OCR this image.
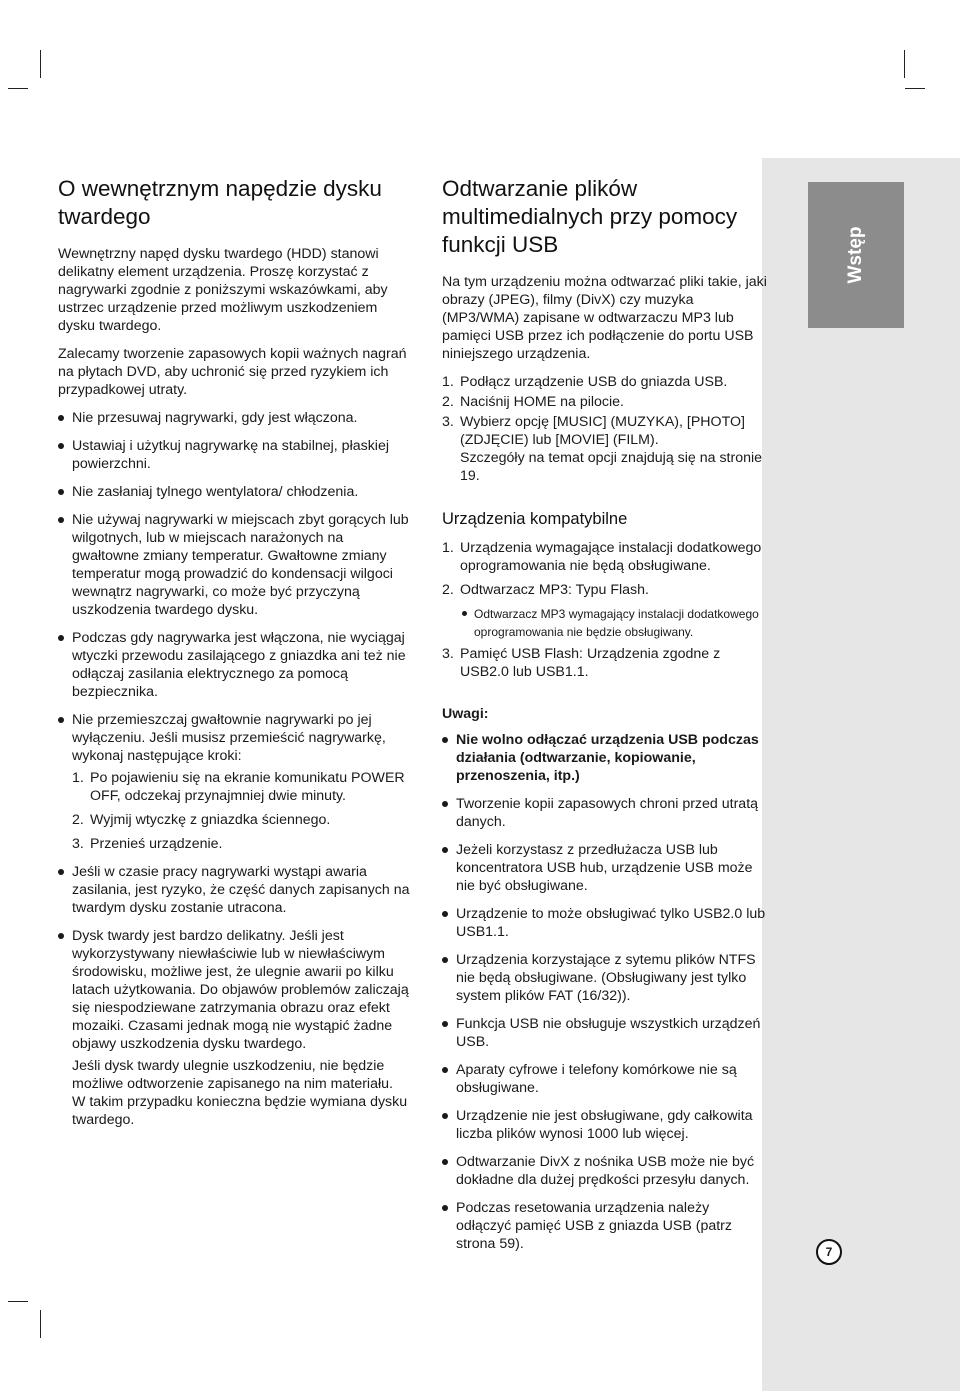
Wstęp
7
O wewnętrznym napędzie dysku twardego

Wewnętrzny napęd dysku twardego (HDD) stanowi delikatny element urządzenia. Proszę korzystać z nagrywarki zgodnie z poniższymi wskazówkami, aby ustrzec urządzenie przed możliwym uszkodzeniem dysku twardego.

Zalecamy tworzenie zapasowych kopii ważnych nagrań na płytach DVD, aby uchronić się przed ryzykiem ich przypadkowej utraty.

Nie przesuwaj nagrywarki, gdy jest włączona.
Ustawiaj i użytkuj nagrywarkę na stabilnej, płaskiej powierzchni.
Nie zasłaniaj tylnego wentylatora/ chłodzenia.
Nie używaj nagrywarki w miejscach zbyt gorących lub wilgotnych, lub w miejscach narażonych na gwałtowne zmiany temperatur. Gwałtowne zmiany temperatur mogą prowadzić do kondensacji wilgoci wewnątrz nagrywarki, co może być przyczyną uszkodzenia twardego dysku.
Podczas gdy nagrywarka jest włączona, nie wyciągaj wtyczki przewodu zasilającego z gniazdka ani też nie odłączaj zasilania elektrycznego za pomocą bezpiecznika.
Nie przemieszczaj gwałtownie nagrywarki po jej wyłączeniu. Jeśli musisz przemieścić nagrywarkę, wykonaj następujące kroki:
1. Po pojawieniu się na ekranie komunikatu POWER OFF, odczekaj przynajmniej dwie minuty.
2. Wyjmij wtyczkę z gniazdka ściennego.
3. Przenieś urządzenie.
Jeśli w czasie pracy nagrywarki wystąpi awaria zasilania, jest ryzyko, że część danych zapisanych na twardym dysku zostanie utracona.
Dysk twardy jest bardzo delikatny. Jeśli jest wykorzystywany niewłaściwie lub w niewłaściwym środowisku, możliwe jest, że ulegnie awarii po kilku latach użytkowania. Do objawów problemów zaliczają się niespodziewane zatrzymania obrazu oraz efekt mozaiki. Czasami jednak mogą nie wystąpić żadne objawy uszkodzenia dysku twardego.

Jeśli dysk twardy ulegnie uszkodzeniu, nie będzie możliwe odtworzenie zapisanego na nim materiału. W takim przypadku konieczna będzie wymiana dysku twardego.

Odtwarzanie plików multimedialnych przy pomocy funkcji USB

Na tym urządzeniu można odtwarzać pliki takie, jaki obrazy (JPEG), filmy (DivX) czy muzyka (MP3/WMA) zapisane w odtwarzaczu MP3 lub pamięci USB przez ich podłączenie do portu USB niniejszego urządzenia.

1. Podłącz urządzenie USB do gniazda USB.
2. Naciśnij HOME na pilocie.
3. Wybierz opcję [MUSIC] (MUZYKA), [PHOTO] (ZDJĘCIE) lub [MOVIE] (FILM).
Szczegóły na temat opcji znajdują się na stronie 19.
Urządzenia kompatybilne
1. Urządzenia wymagające instalacji dodatkowego oprogramowania nie będą obsługiwane.
2. Odtwarzacz MP3: Typu Flash.
Odtwarzacz MP3 wymagający instalacji dodatkowego oprogramowania nie będzie obsługiwany.
3. Pamięć USB Flash: Urządzenia zgodne z USB2.0 lub USB1.1.
Uwagi:
Nie wolno odłączać urządzenia USB podczas działania (odtwarzanie, kopiowanie, przenoszenia, itp.)
Tworzenie kopii zapasowych chroni przed utratą danych.
Jeżeli korzystasz z przedłużacza USB lub koncentratora USB hub, urządzenie USB może nie być obsługiwane.
Urządzenie to może obsługiwać tylko USB2.0 lub USB1.1.
Urządzenia korzystające z sytemu plików NTFS nie będą obsługiwane. (Obsługiwany jest tylko system plików FAT (16/32)).
Funkcja USB nie obsługuje wszystkich urządzeń USB.
Aparaty cyfrowe i telefony komórkowe nie są obsługiwane.
Urządzenie nie jest obsługiwane, gdy całkowita liczba plików wynosi 1000 lub więcej.
Odtwarzanie DivX z nośnika USB może nie być dokładne dla dużej prędkości przesyłu danych.
Podczas resetowania urządzenia należy odłączyć pamięć USB z gniazda USB (patrz strona 59).
